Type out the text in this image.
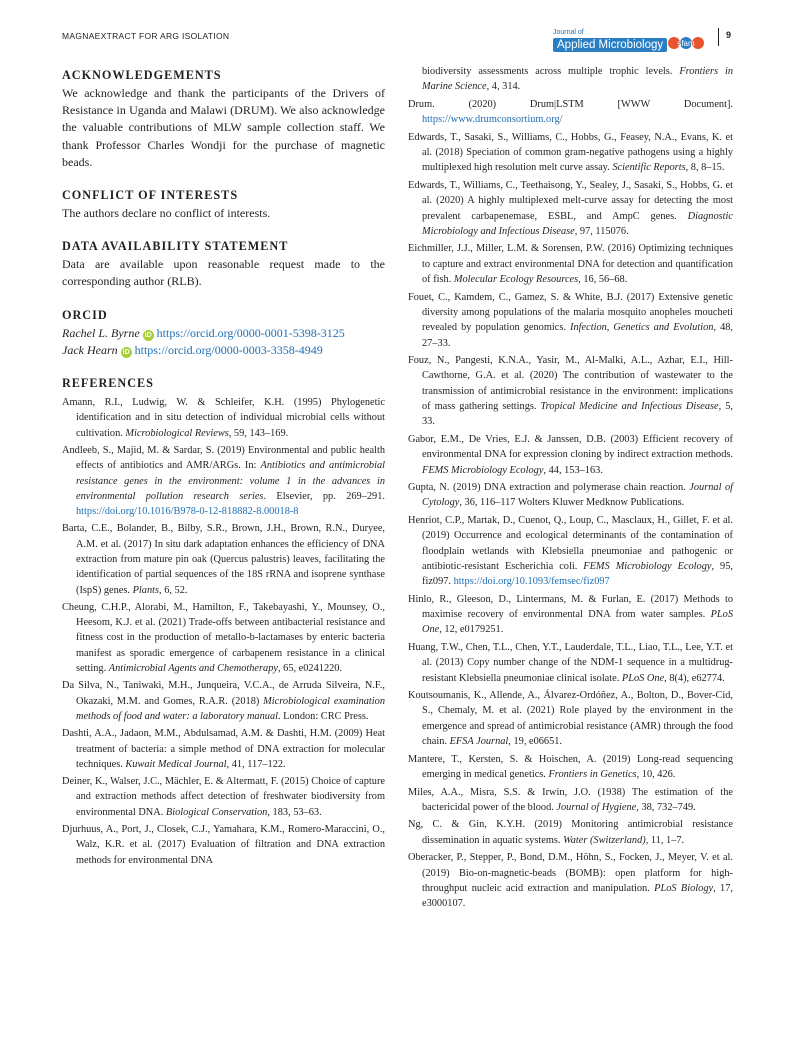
MAGNAEXTRACT FOR ARG ISOLATION	Journal of
Applied Microbiology	sfam
9
ACKNOWLEDGEMENTS

We acknowledge and thank the participants of the Drivers of Resistance in Uganda and Malawi (DRUM). We also acknowledge the valuable contributions of MLW sample collection staff. We thank Professor Charles Wondji for the purchase of magnetic beads.

CONFLICT OF INTERESTS

The authors declare no conflict of interests.

DATA AVAILABILITY STATEMENT

Data are available upon reasonable request made to the corresponding author (RLB).

ORCID
Rachel L. Byrne iD https://orcid.org/0000-0001-5398-3125
Jack Hearn iD https://orcid.org/0000-0003-3358-4949
REFERENCES

Amann, R.I., Ludwig, W. & Schleifer, K.H. (1995) Phylogenetic identification and in situ detection of individual microbial cells without cultivation. Microbiological Reviews, 59, 143–169.

Andleeb, S., Majid, M. & Sardar, S. (2019) Environmental and public health effects of antibiotics and AMR/ARGs. In: Antibiotics and antimicrobial resistance genes in the environment: volume 1 in the advances in environmental pollution research series. Elsevier, pp. 269–291. https://doi.org/10.1016/B978-0-12-818882-8.00018-8

Barta, C.E., Bolander, B., Bilby, S.R., Brown, J.H., Brown, R.N., Duryee, A.M. et al. (2017) In situ dark adaptation enhances the efficiency of DNA extraction from mature pin oak (Quercus palustris) leaves, facilitating the identification of partial sequences of the 18S rRNA and isoprene synthase (IspS) genes. Plants, 6, 52.

Cheung, C.H.P., Alorabi, M., Hamilton, F., Takebayashi, Y., Mounsey, O., Heesom, K.J. et al. (2021) Trade-offs between antibacterial resistance and fitness cost in the production of metallo-b-lactamases by enteric bacteria manifest as sporadic emergence of carbapenem resistance in a clinical setting. Antimicrobial Agents and Chemotherapy, 65, e0241220.

Da Silva, N., Taniwaki, M.H., Junqueira, V.C.A., de Arruda Silveira, N.F., Okazaki, M.M. and Gomes, R.A.R. (2018) Microbiological examination methods of food and water: a laboratory manual. London: CRC Press.

Dashti, A.A., Jadaon, M.M., Abdulsamad, A.M. & Dashti, H.M. (2009) Heat treatment of bacteria: a simple method of DNA extraction for molecular techniques. Kuwait Medical Journal, 41, 117–122.

Deiner, K., Walser, J.C., Mächler, E. & Altermatt, F. (2015) Choice of capture and extraction methods affect detection of freshwater biodiversity from environmental DNA. Biological Conservation, 183, 53–63.

Djurhuus, A., Port, J., Closek, C.J., Yamahara, K.M., Romero-Maraccini, O., Walz, K.R. et al. (2017) Evaluation of filtration and DNA extraction methods for environmental DNA

biodiversity assessments across multiple trophic levels. Frontiers in Marine Science, 4, 314.

Drum. (2020) Drum|LSTM [WWW Document]. https://www.drumconsortium.org/

Edwards, T., Sasaki, S., Williams, C., Hobbs, G., Feasey, N.A., Evans, K. et al. (2018) Speciation of common gram-negative pathogens using a highly multiplexed high resolution melt curve assay. Scientific Reports, 8, 8–15.

Edwards, T., Williams, C., Teethaisong, Y., Sealey, J., Sasaki, S., Hobbs, G. et al. (2020) A highly multiplexed melt-curve assay for detecting the most prevalent carbapenemase, ESBL, and AmpC genes. Diagnostic Microbiology and Infectious Disease, 97, 115076.

Eichmiller, J.J., Miller, L.M. & Sorensen, P.W. (2016) Optimizing techniques to capture and extract environmental DNA for detection and quantification of fish. Molecular Ecology Resources, 16, 56–68.

Fouet, C., Kamdem, C., Gamez, S. & White, B.J. (2017) Extensive genetic diversity among populations of the malaria mosquito anopheles moucheti revealed by population genomics. Infection, Genetics and Evolution, 48, 27–33.

Fouz, N., Pangesti, K.N.A., Yasir, M., Al-Malki, A.L., Azhar, E.I., Hill-Cawthorne, G.A. et al. (2020) The contribution of wastewater to the transmission of antimicrobial resistance in the environment: implications of mass gathering settings. Tropical Medicine and Infectious Disease, 5, 33.

Gabor, E.M., De Vries, E.J. & Janssen, D.B. (2003) Efficient recovery of environmental DNA for expression cloning by indirect extraction methods. FEMS Microbiology Ecology, 44, 153–163.

Gupta, N. (2019) DNA extraction and polymerase chain reaction. Journal of Cytology, 36, 116–117 Wolters Kluwer Medknow Publications.

Henriot, C.P., Martak, D., Cuenot, Q., Loup, C., Masclaux, H., Gillet, F. et al. (2019) Occurrence and ecological determinants of the contamination of floodplain wetlands with Klebsiella pneumoniae and pathogenic or antibiotic-resistant Escherichia coli. FEMS Microbiology Ecology, 95, fiz097. https://doi.org/10.1093/femsec/fiz097

Hinlo, R., Gleeson, D., Lintermans, M. & Furlan, E. (2017) Methods to maximise recovery of environmental DNA from water samples. PLoS One, 12, e0179251.

Huang, T.W., Chen, T.L., Chen, Y.T., Lauderdale, T.L., Liao, T.L., Lee, Y.T. et al. (2013) Copy number change of the NDM-1 sequence in a multidrug-resistant Klebsiella pneumoniae clinical isolate. PLoS One, 8(4), e62774.

Koutsoumanis, K., Allende, A., Álvarez-Ordóñez, A., Bolton, D., Bover-Cid, S., Chemaly, M. et al. (2021) Role played by the environment in the emergence and spread of antimicrobial resistance (AMR) through the food chain. EFSA Journal, 19, e06651.

Mantere, T., Kersten, S. & Hoischen, A. (2019) Long-read sequencing emerging in medical genetics. Frontiers in Genetics, 10, 426.

Miles, A.A., Misra, S.S. & Irwin, J.O. (1938) The estimation of the bactericidal power of the blood. Journal of Hygiene, 38, 732–749.

Ng, C. & Gin, K.Y.H. (2019) Monitoring antimicrobial resistance dissemination in aquatic systems. Water (Switzerland), 11, 1–7.

Oberacker, P., Stepper, P., Bond, D.M., Höhn, S., Focken, J., Meyer, V. et al. (2019) Bio-on-magnetic-beads (BOMB): open platform for high-throughput nucleic acid extraction and manipulation. PLoS Biology, 17, e3000107.
